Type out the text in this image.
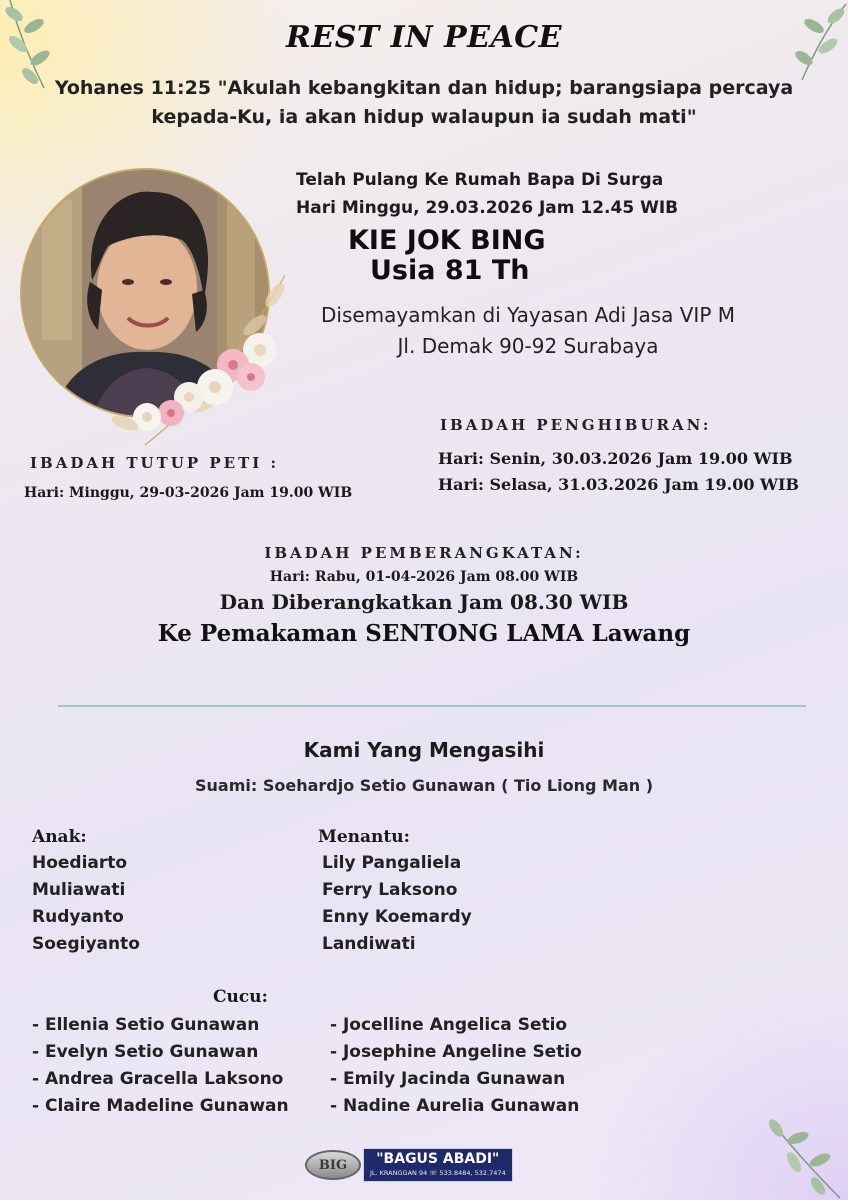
REST IN PEACE
Yohanes 11:25 "Akulah kebangkitan dan hidup; barangsiapa percaya
kepada-Ku, ia akan hidup walaupun ia sudah mati"
Telah Pulang Ke Rumah Bapa Di Surga
Hari Minggu, 29.03.2026 Jam 12.45 WIB
KIE JOK BING
Usia 81 Th
Disemayamkan di Yayasan Adi Jasa VIP M
Jl. Demak 90-92 Surabaya
IBADAH PENGHIBURAN:
Hari: Senin, 30.03.2026 Jam 19.00 WIB
Hari: Selasa, 31.03.2026 Jam 19.00 WIB
IBADAH TUTUP PETI :
Hari: Minggu, 29-03-2026 Jam 19.00 WIB
IBADAH PEMBERANGKATAN:
Hari: Rabu, 01-04-2026 Jam 08.00 WIB
Dan Diberangkatkan Jam 08.30 WIB
Ke Pemakaman SENTONG LAMA Lawang
Kami Yang Mengasihi
Suami: Soehardjo Setio Gunawan ( Tio Liong Man )
Anak:
Hoediarto
Muliawati
Rudyanto
Soegiyanto
Menantu:
Lily Pangaliela
Ferry Laksono
Enny Koemardy
Landiwati
Cucu:
- Ellenia Setio Gunawan
- Evelyn Setio Gunawan
- Andrea Gracella Laksono
- Claire Madeline Gunawan
- Jocelline Angelica Setio
- Josephine Angeline Setio
- Emily Jacinda Gunawan
- Nadine Aurelia Gunawan
BIG	"BAGUS ABADI"
JL. KRANGGAN 94 ☏ 533.8484, 532.7474
